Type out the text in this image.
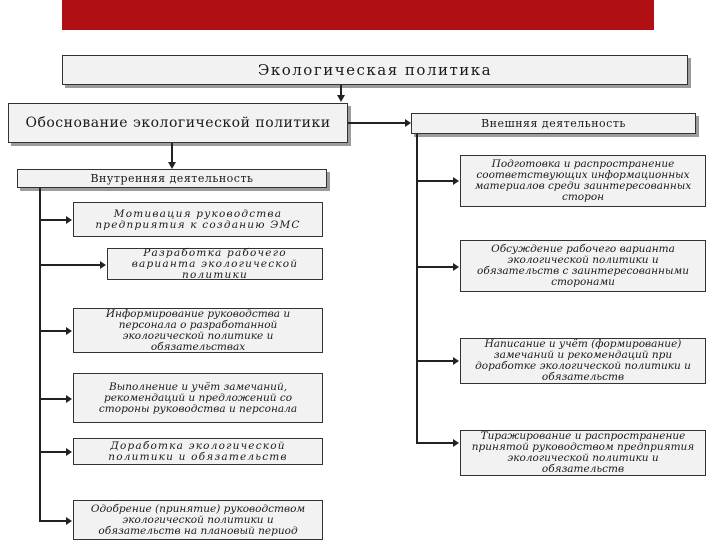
Экологическая политика
Обоснование экологической политики	Внешняя деятельность
Внутренняя деятельность
Мотивация руководства предприятия к созданию ЭМС
Разработка рабочего варианта экологической политики
Информирование руководства и персонала о разработанной экологической политике и обязательствах
Выполнение и учёт замечаний, рекомендаций и предложений со стороны руководства и персонала
Доработка экологической политики и обязательств
Одобрение (принятие) руководством экологической политики и обязательств на плановый период
Подготовка и распространение соответствующих информационных материалов среди заинтересованных сторон
Обсуждение рабочего варианта экологической политики и обязательств с заинтересованными сторонами
Написание и учёт (формирование) замечаний и рекомендаций при доработке экологической политики и обязательств
Тиражирование и распространение принятой руководством предприятия экологической политики и обязательств
